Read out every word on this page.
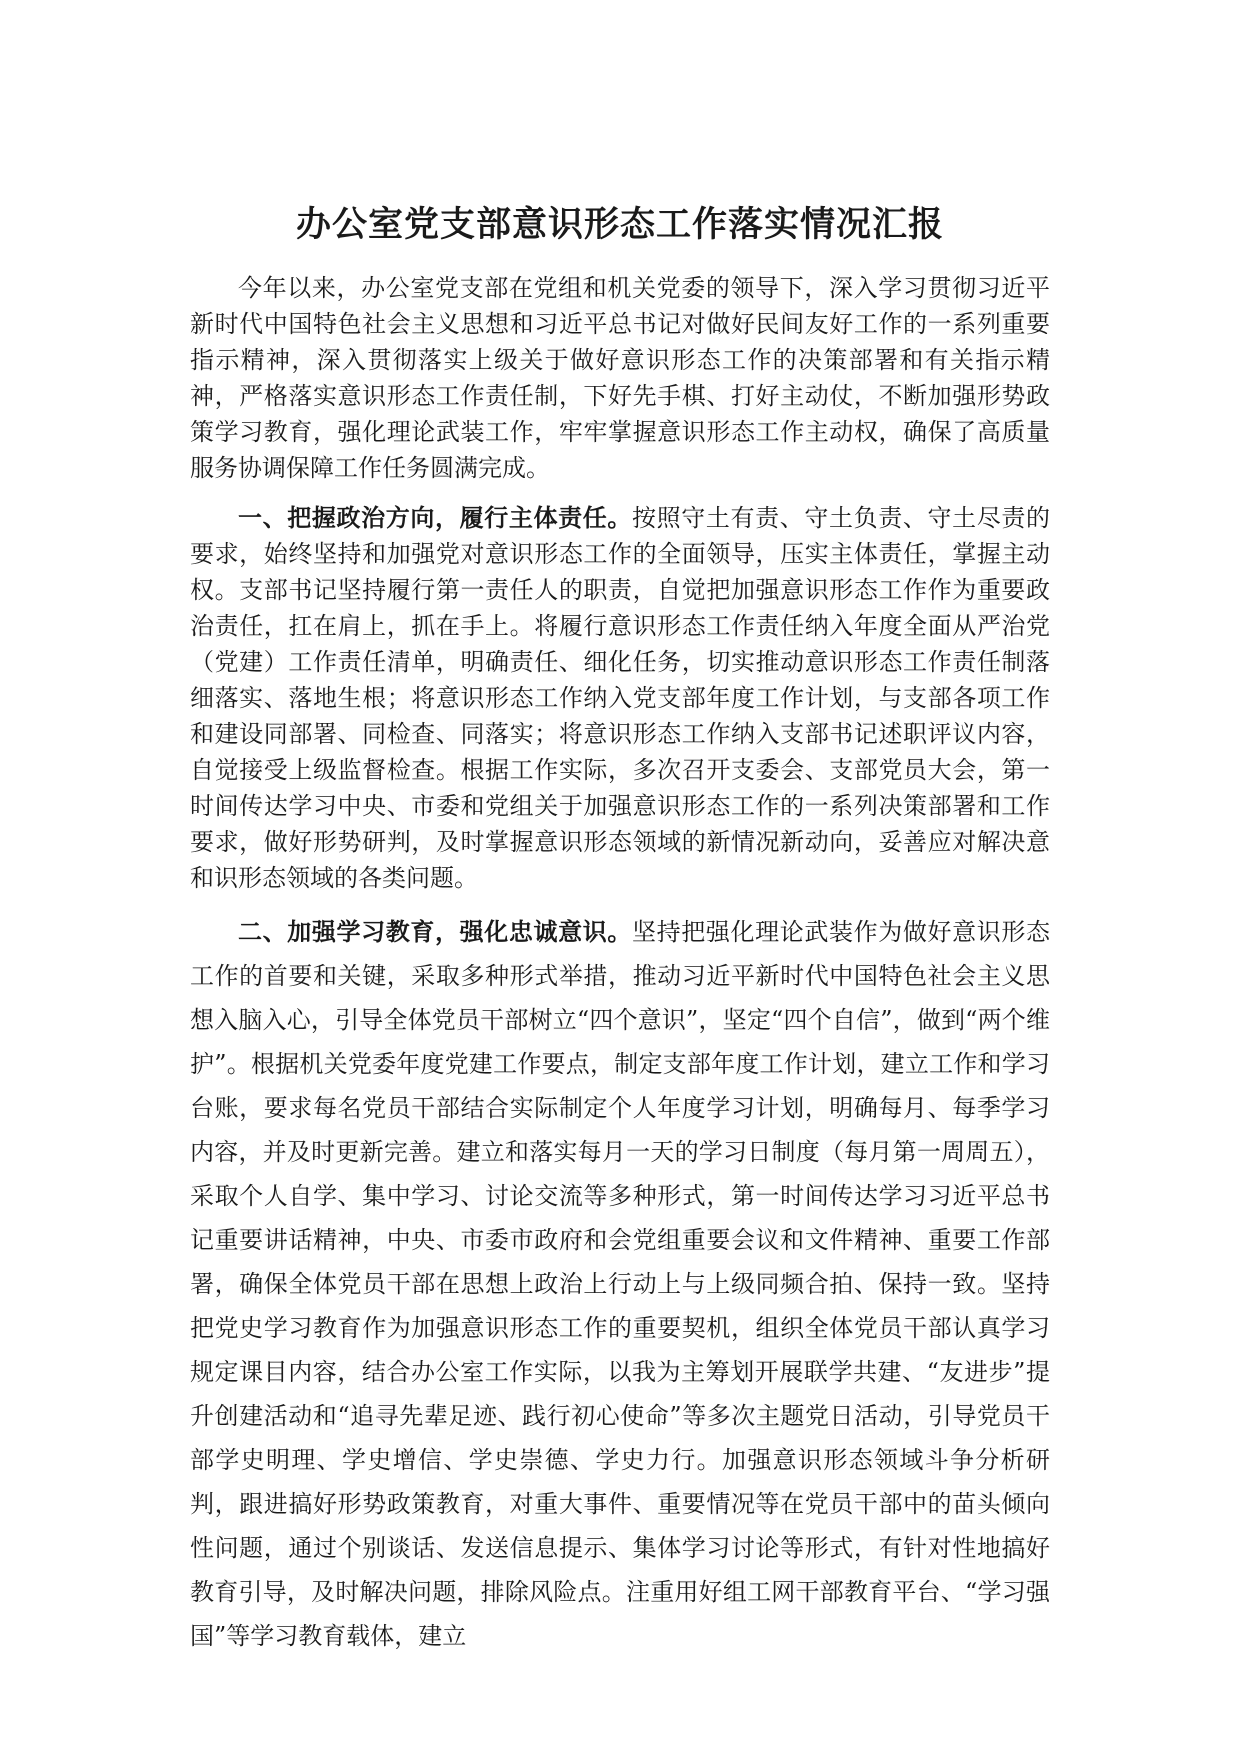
办公室党支部意识形态工作落实情况汇报

今年以来，办公室党支部在党组和机关党委的领导下，深入学习贯彻习近平新时代中国特色社会主义思想和习近平总书记对做好民间友好工作的一系列重要指示精神，深入贯彻落实上级关于做好意识形态工作的决策部署和有关指示精神，严格落实意识形态工作责任制，下好先手棋、打好主动仗，不断加强形势政策学习教育，强化理论武装工作，牢牢掌握意识形态工作主动权，确保了高质量服务协调保障工作任务圆满完成。

一、把握政治方向，履行主体责任。按照守土有责、守土负责、守土尽责的要求，始终坚持和加强党对意识形态工作的全面领导，压实主体责任，掌握主动权。支部书记坚持履行第一责任人的职责，自觉把加强意识形态工作作为重要政治责任，扛在肩上，抓在手上。将履行意识形态工作责任纳入年度全面从严治党（党建）工作责任清单，明确责任、细化任务，切实推动意识形态工作责任制落细落实、落地生根；将意识形态工作纳入党支部年度工作计划，与支部各项工作和建设同部署、同检查、同落实；将意识形态工作纳入支部书记述职评议内容，自觉接受上级监督检查。根据工作实际，多次召开支委会、支部党员大会，第一时间传达学习中央、市委和党组关于加强意识形态工作的一系列决策部署和工作要求，做好形势研判，及时掌握意识形态领域的新情况新动向，妥善应对解决意和识形态领域的各类问题。

二、加强学习教育，强化忠诚意识。坚持把强化理论武装作为做好意识形态工作的首要和关键，采取多种形式举措，推动习近平新时代中国特色社会主义思想入脑入心，引导全体党员干部树立“四个意识”，坚定“四个自信”，做到“两个维护”。根据机关党委年度党建工作要点，制定支部年度工作计划，建立工作和学习台账，要求每名党员干部结合实际制定个人年度学习计划，明确每月、每季学习内容，并及时更新完善。建立和落实每月一天的学习日制度（每月第一周周五），采取个人自学、集中学习、讨论交流等多种形式，第一时间传达学习习近平总书记重要讲话精神，中央、市委市政府和会党组重要会议和文件精神、重要工作部署，确保全体党员干部在思想上政治上行动上与上级同频合拍、保持一致。坚持把党史学习教育作为加强意识形态工作的重要契机，组织全体党员干部认真学习规定课目内容，结合办公室工作实际，以我为主筹划开展联学共建、“友进步”提升创建活动和“追寻先辈足迹、践行初心使命”等多次主题党日活动，引导党员干部学史明理、学史增信、学史崇德、学史力行。加强意识形态领域斗争分析研判，跟进搞好形势政策教育，对重大事件、重要情况等在党员干部中的苗头倾向性问题，通过个别谈话、发送信息提示、集体学习讨论等形式，有针对性地搞好教育引导，及时解决问题，排除风险点。注重用好组工网干部教育平台、“学习强国”等学习教育载体，建立
